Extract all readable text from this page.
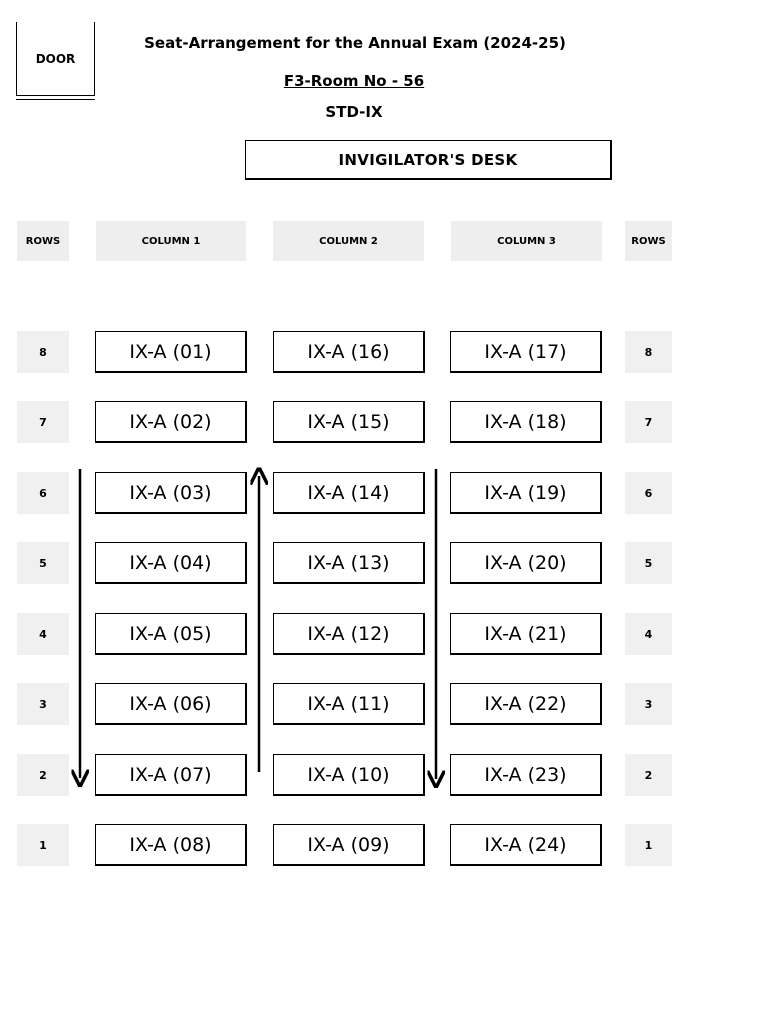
DOOR
Seat-Arrangement for the Annual Exam (2024-25)
F3-Room No - 56
STD-IX
INVIGILATOR'S DESK
ROWS	COLUMN 1	COLUMN 2	COLUMN 3	ROWS
8	IX-A (01)	IX-A (16)	IX-A (17)	8
7	IX-A (02)	IX-A (15)	IX-A (18)	7
6	IX-A (03)	IX-A (14)	IX-A (19)	6
5	IX-A (04)	IX-A (13)	IX-A (20)	5
4	IX-A (05)	IX-A (12)	IX-A (21)	4
3	IX-A (06)	IX-A (11)	IX-A (22)	3
2	IX-A (07)	IX-A (10)	IX-A (23)	2
1	IX-A (08)	IX-A (09)	IX-A (24)	1
